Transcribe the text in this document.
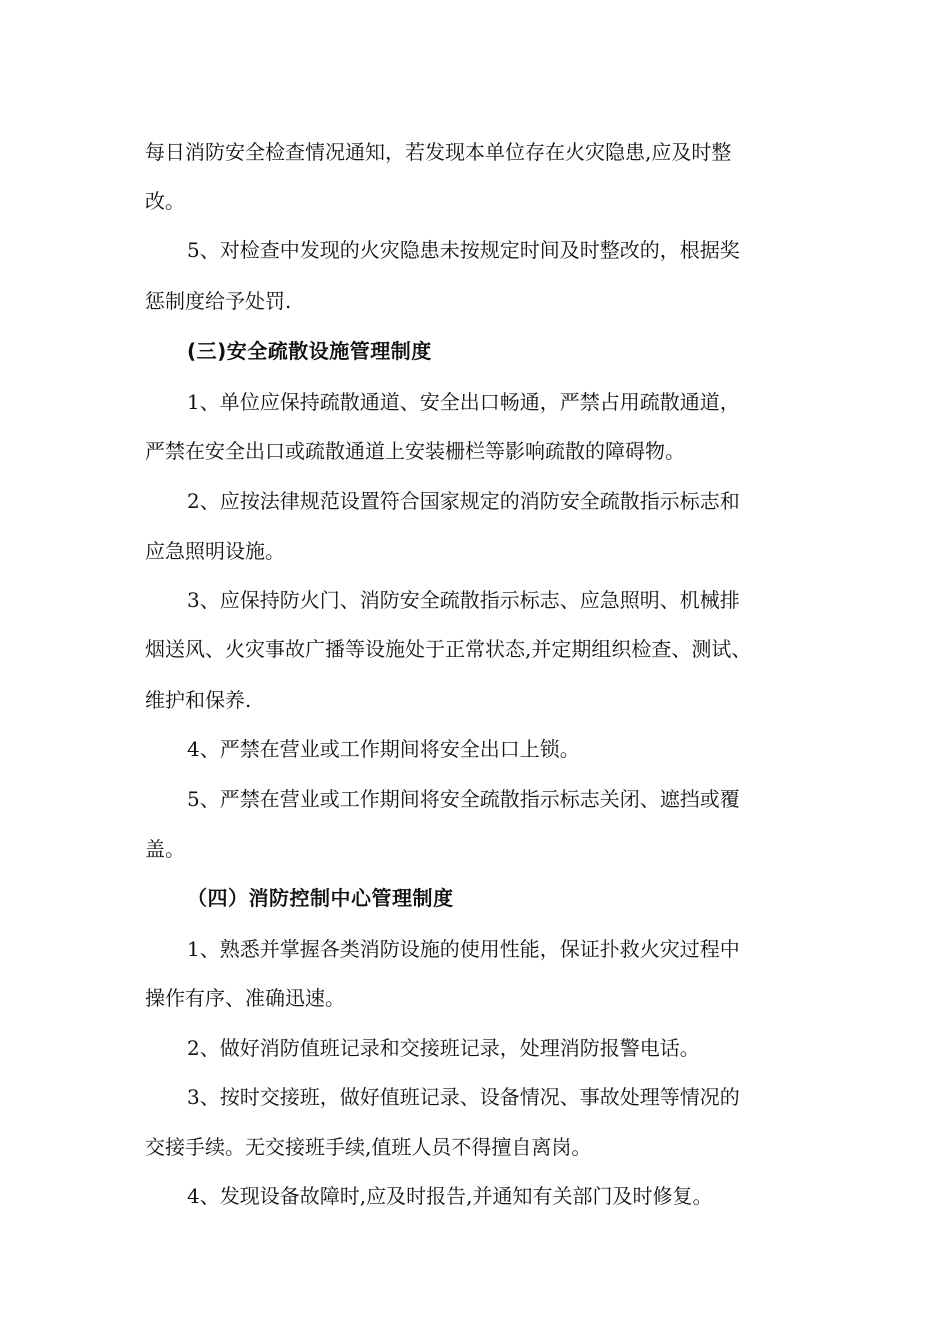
每日消防安全检查情况通知，若发现本单位存在火灾隐患,应及时整
改。
5、对检查中发现的火灾隐患未按规定时间及时整改的，根据奖
惩制度给予处罚.
(三)安全疏散设施管理制度
1、单位应保持疏散通道、安全出口畅通，严禁占用疏散通道，
严禁在安全出口或疏散通道上安装栅栏等影响疏散的障碍物。
2、应按法律规范设置符合国家规定的消防安全疏散指示标志和
应急照明设施。
3、应保持防火门、消防安全疏散指示标志、应急照明、机械排
烟送风、火灾事故广播等设施处于正常状态,并定期组织检查、测试、
维护和保养.
4、严禁在营业或工作期间将安全出口上锁。
5、严禁在营业或工作期间将安全疏散指示标志关闭、遮挡或覆
盖。
（四）消防控制中心管理制度
1、熟悉并掌握各类消防设施的使用性能，保证扑救火灾过程中
操作有序、准确迅速。
2、做好消防值班记录和交接班记录，处理消防报警电话。
3、按时交接班，做好值班记录、设备情况、事故处理等情况的
交接手续。无交接班手续,值班人员不得擅自离岗。
4、发现设备故障时,应及时报告,并通知有关部门及时修复。
